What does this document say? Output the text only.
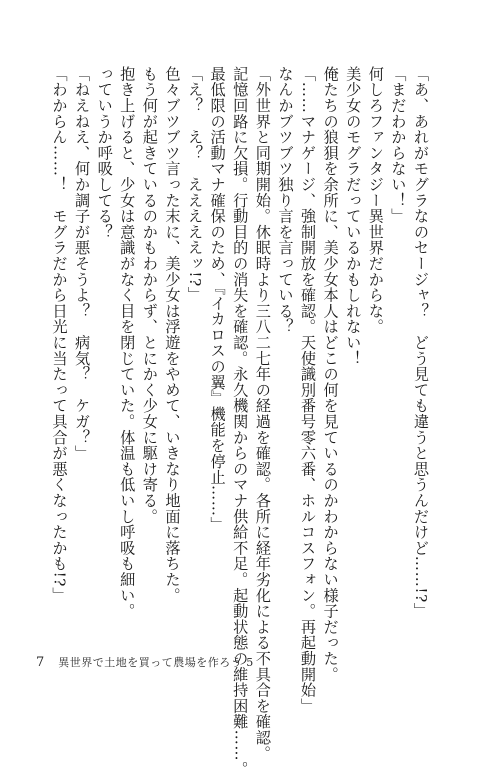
「あ、あれがモグラなのセージャ？　どう見ても違うと思うんだけど……!?」

「まだわからない！」

何しろファンタジー異世界だからな。

美少女のモグラだっているかもしれない！

俺たちの狼狽を余所に、美少女本人はどこの何を見ているのかわからない様子だった。

「……マナゲージ、強制開放を確認。天使識別番号零六番、ホルコスフォン。再起動開始」

なんかブツブツ独り言を言っている？

「外世界と同期開始。休眠時より三八二七年の経過を確認。各所に経年劣化による不具合を確認。

記憶回路に欠損。行動目的の消失を確認。永久機関からのマナ供給不足。起動状態の維持困難……。

最低限の活動マナ確保のため、『イカロスの翼』機能を停止……」

「え？　え？　えええええッ!?」

色々ブツブツ言った末に、美少女は浮遊をやめて、いきなり地面に落ちた。

もう何が起きているのかもわからず、とにかく少女に駆け寄る。

抱き上げると、少女は意識がなく目を閉じていた。体温も低いし呼吸も細い。

っていうか呼吸してる？

「ねえねえ、何か調子が悪そうよ？　病気？　ケガ？」

「わからん……！　モグラだから日光に当たって具合が悪くなったかも!?」

7 異世界で土地を買って農場を作ろう 5
